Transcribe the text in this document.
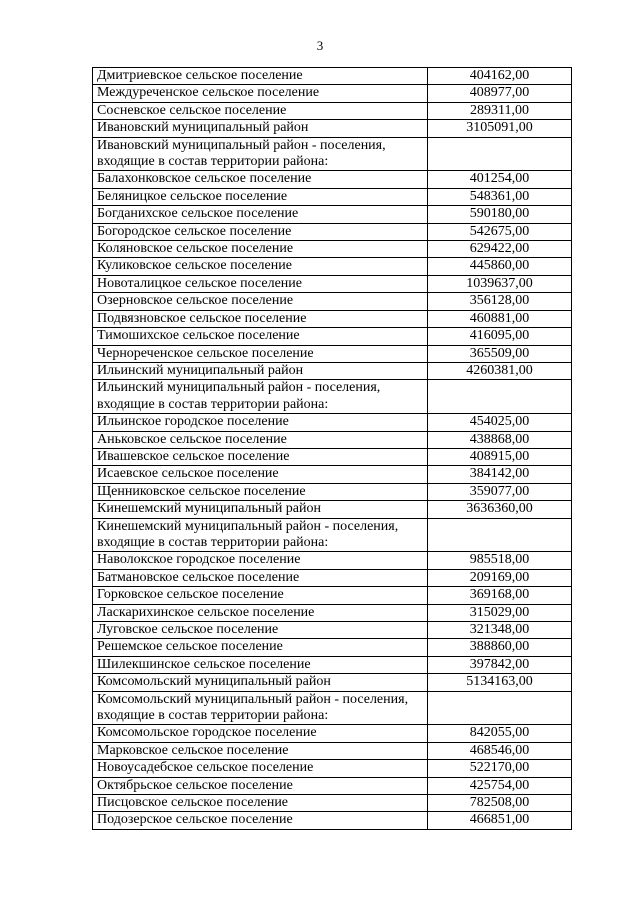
3
Дмитриевское сельское поселение	404162,00
Междуреченское сельское поселение	408977,00
Сосневское сельское поселение	289311,00
Ивановский муниципальный район	3105091,00
Ивановский муниципальный район - поселения, входящие в состав территории района:	
Балахонковское сельское поселение	401254,00
Беляницкое сельское поселение	548361,00
Богданихское сельское поселение	590180,00
Богородское сельское поселение	542675,00
Коляновское сельское поселение	629422,00
Куликовское сельское поселение	445860,00
Новоталицкое сельское поселение	1039637,00
Озерновское сельское поселение	356128,00
Подвязновское сельское поселение	460881,00
Тимошихское сельское поселение	416095,00
Чернореченское сельское поселение	365509,00
Ильинский муниципальный район	4260381,00
Ильинский муниципальный район - поселения, входящие в состав территории района:	
Ильинское городское поселение	454025,00
Аньковское сельское поселение	438868,00
Ивашевское сельское поселение	408915,00
Исаевское сельское поселение	384142,00
Щенниковское сельское поселение	359077,00
Кинешемский муниципальный район	3636360,00
Кинешемский муниципальный район - поселения, входящие в состав территории района:	
Наволокское городское поселение	985518,00
Батмановское сельское поселение	209169,00
Горковское сельское поселение	369168,00
Ласкарихинское сельское поселение	315029,00
Луговское сельское поселение	321348,00
Решемское сельское поселение	388860,00
Шилекшинское сельское поселение	397842,00
Комсомольский муниципальный район	5134163,00
Комсомольский муниципальный район - поселения, входящие в состав территории района:	
Комсомольское городское поселение	842055,00
Марковское сельское поселение	468546,00
Новоусадебское сельское поселение	522170,00
Октябрьское сельское поселение	425754,00
Писцовское сельское поселение	782508,00
Подозерское сельское поселение	466851,00
